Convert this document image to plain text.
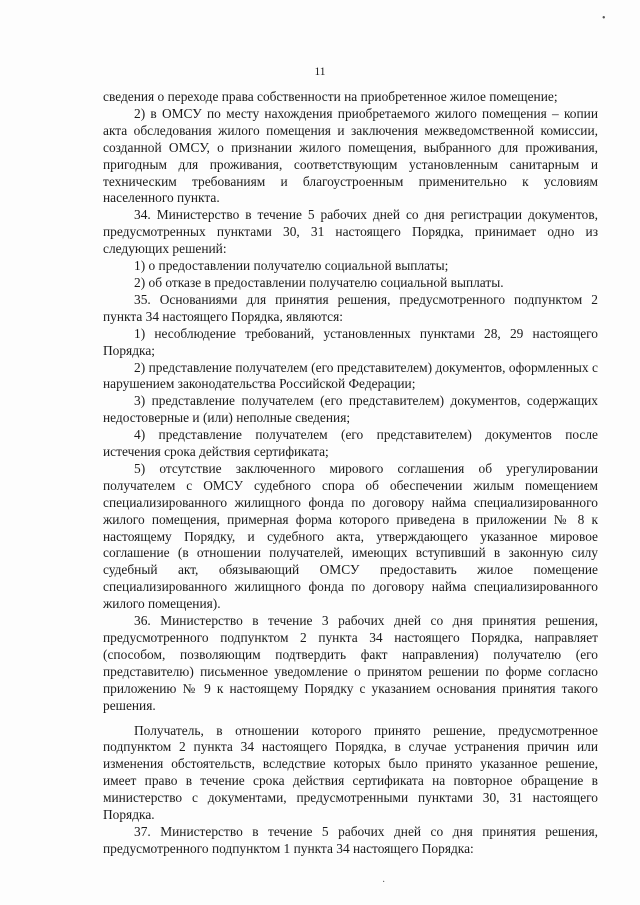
•
·
11

сведения о переходе права собственности на приобретенное жилое помещение;

2) в ОМСУ по месту нахождения приобретаемого жилого помещения – копии акта обследования жилого помещения и заключения межведомственной комиссии, созданной ОМСУ, о признании жилого помещения, выбранного для проживания, пригодным для проживания, соответствующим установленным санитарным и техническим требованиям и благоустроенным применительно к условиям населенного пункта.

34. Министерство в течение 5 рабочих дней со дня регистрации документов, предусмотренных пунктами 30, 31 настоящего Порядка, принимает одно из следующих решений:

1) о предоставлении получателю социальной выплаты;

2) об отказе в предоставлении получателю социальной выплаты.

35. Основаниями для принятия решения, предусмотренного подпунктом 2 пункта 34 настоящего Порядка, являются:

1) несоблюдение требований, установленных пунктами 28, 29 настоящего Порядка;

2) представление получателем (его представителем) документов, оформленных с нарушением законодательства Российской Федерации;

3) представление получателем (его представителем) документов, содержащих недостоверные и (или) неполные сведения;

4) представление получателем (его представителем) документов после истечения срока действия сертификата;

5) отсутствие заключенного мирового соглашения об урегулировании получателем с ОМСУ судебного спора об обеспечении жилым помещением специализированного жилищного фонда по договору найма специализированного жилого помещения, примерная форма которого приведена в приложении № 8 к настоящему Порядку, и судебного акта, утверждающего указанное мировое соглашение (в отношении получателей, имеющих вступивший в законную силу судебный акт, обязывающий ОМСУ предоставить жилое помещение специализированного жилищного фонда по договору найма специализированного жилого помещения).

36. Министерство в течение 3 рабочих дней со дня принятия решения, предусмотренного подпунктом 2 пункта 34 настоящего Порядка, направляет (способом, позволяющим подтвердить факт направления) получателю (его представителю) письменное уведомление о принятом решении по форме согласно приложению № 9 к настоящему Порядку с указанием основания принятия такого решения.

Получатель, в отношении которого принято решение, предусмотренное подпунктом 2 пункта 34 настоящего Порядка, в случае устранения причин или изменения обстоятельств, вследствие которых было принято указанное решение, имеет право в течение срока действия сертификата на повторное обращение в министерство с документами, предусмотренными пунктами 30, 31 настоящего Порядка.

37. Министерство в течение 5 рабочих дней со дня принятия решения, предусмотренного подпунктом 1 пункта 34 настоящего Порядка:
